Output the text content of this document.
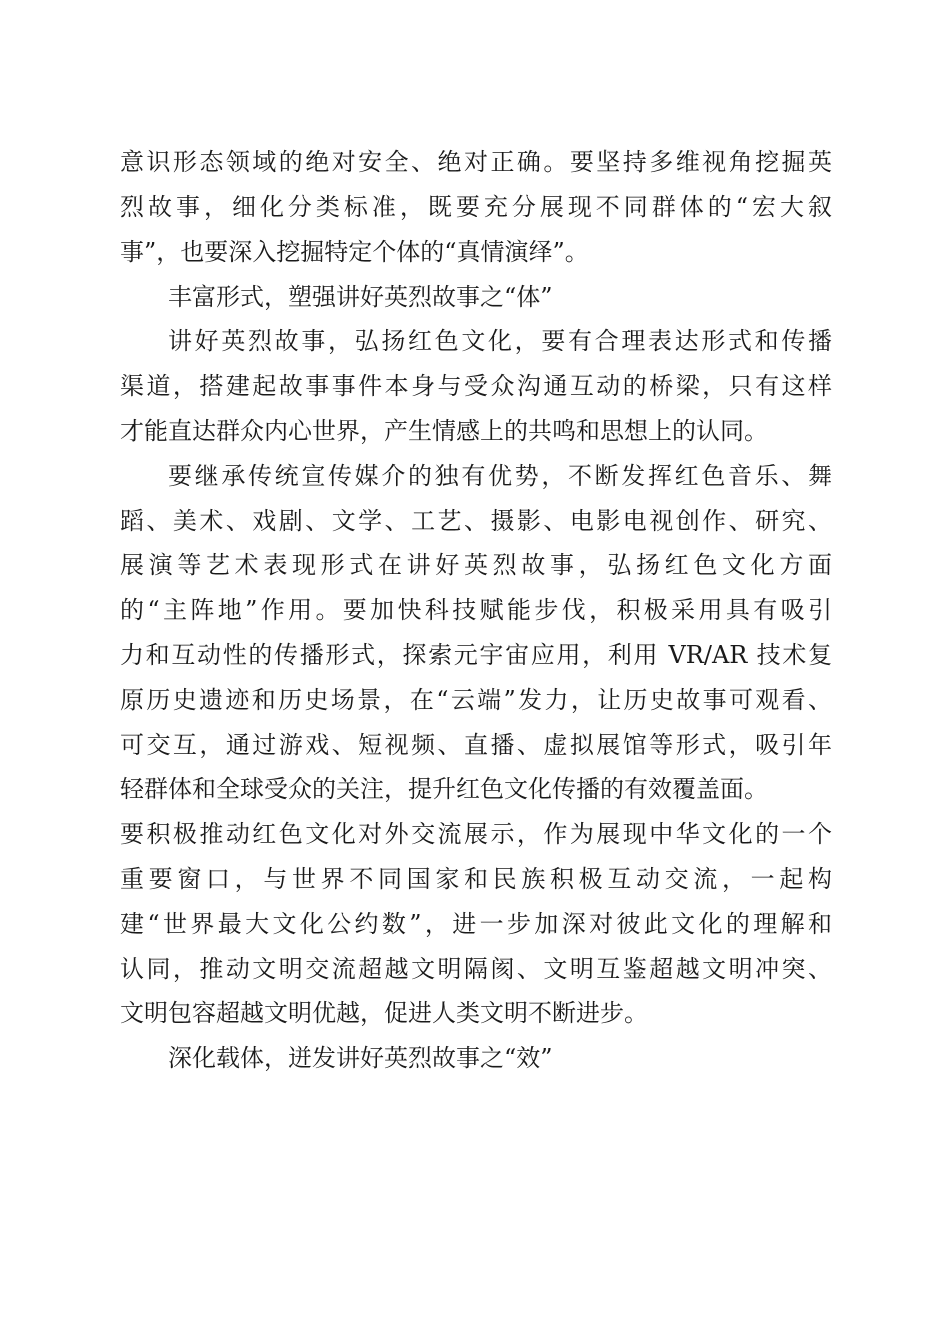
意识形态领域的绝对安全、绝对正确。要坚持多维视角挖掘英
烈故事，细化分类标准，既要充分展现不同群体的“宏大叙
事”，也要深入挖掘特定个体的“真情演绎”。
丰富形式，塑强讲好英烈故事之“体”
讲好英烈故事，弘扬红色文化，要有合理表达形式和传播
渠道，搭建起故事事件本身与受众沟通互动的桥梁，只有这样
才能直达群众内心世界，产生情感上的共鸣和思想上的认同。
要继承传统宣传媒介的独有优势，不断发挥红色音乐、舞
蹈、美术、戏剧、文学、工艺、摄影、电影电视创作、研究、
展演等艺术表现形式在讲好英烈故事，弘扬红色文化方面
的“主阵地”作用。要加快科技赋能步伐，积极采用具有吸引
力和互动性的传播形式，探索元宇宙应用，利用 VR/AR 技术复
原历史遗迹和历史场景，在“云端”发力，让历史故事可观看、
可交互，通过游戏、短视频、直播、虚拟展馆等形式，吸引年
轻群体和全球受众的关注，提升红色文化传播的有效覆盖面。
要积极推动红色文化对外交流展示，作为展现中华文化的一个
重要窗口，与世界不同国家和民族积极互动交流，一起构
建“世界最大文化公约数”，进一步加深对彼此文化的理解和
认同，推动文明交流超越文明隔阂、文明互鉴超越文明冲突、
文明包容超越文明优越，促进人类文明不断进步。
深化载体，迸发讲好英烈故事之“效”
